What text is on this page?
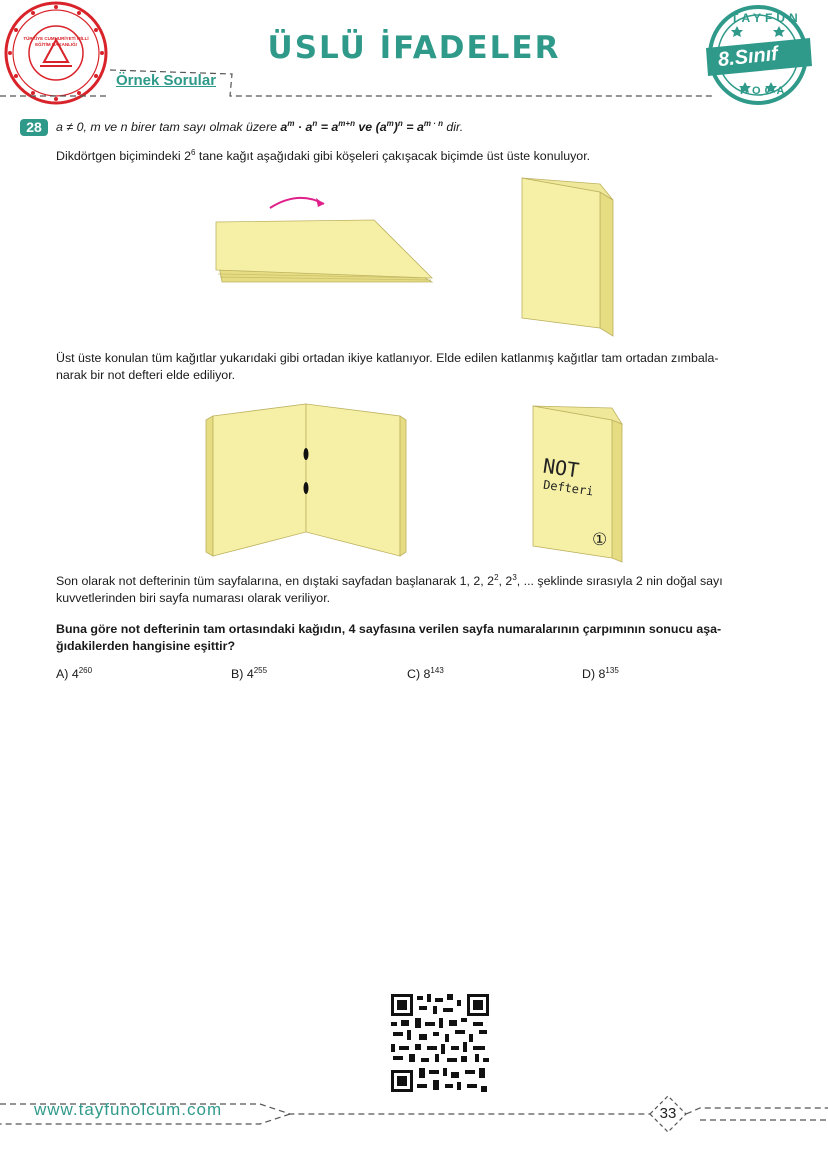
ÜSLÜ İFADELER
Örnek Sorular
TAYFUN
8.Sınıf
HOCA
TÜRKİYE CUMHURİYETİ MİLLİ EĞİTİM BAKANLIĞI
28	a ≠ 0, m ve n birer tam sayı olmak üzere $a^m \cdot a^n = a^{m+n}$ ve $(a^m)^n = a^{m \cdot n}$ dir.
Dikdörtgen biçimindeki $2^6$ tane kağıt aşağıdaki gibi köşeleri çakışacak biçimde üst üste konuluyor.
Üst üste konulan tüm kağıtlar yukarıdaki gibi ortadan ikiye katlanıyor. Elde edilen katlanmış kağıtlar tam ortadan zımbala-
narak bir not defteri elde ediliyor.
NOT
Defteri
①
Son olarak not defterinin tüm sayfalarına, en dıştaki sayfadan başlanarak 1, 2, $2^2$, $2^3$, ... şeklinde sırasıyla 2 nin doğal sayı
kuvvetlerinden biri sayfa numarası olarak veriliyor.
Buna göre not defterinin tam ortasındaki kağıdın, 4 sayfasına verilen sayfa numaralarının çarpımının sonucu aşa-
ğıdakilerden hangisine eşittir?
A) $4^{260}$	B) $4^{255}$	C) $8^{143}$	D) $8^{135}$
www.tayfunolcum.com	33
